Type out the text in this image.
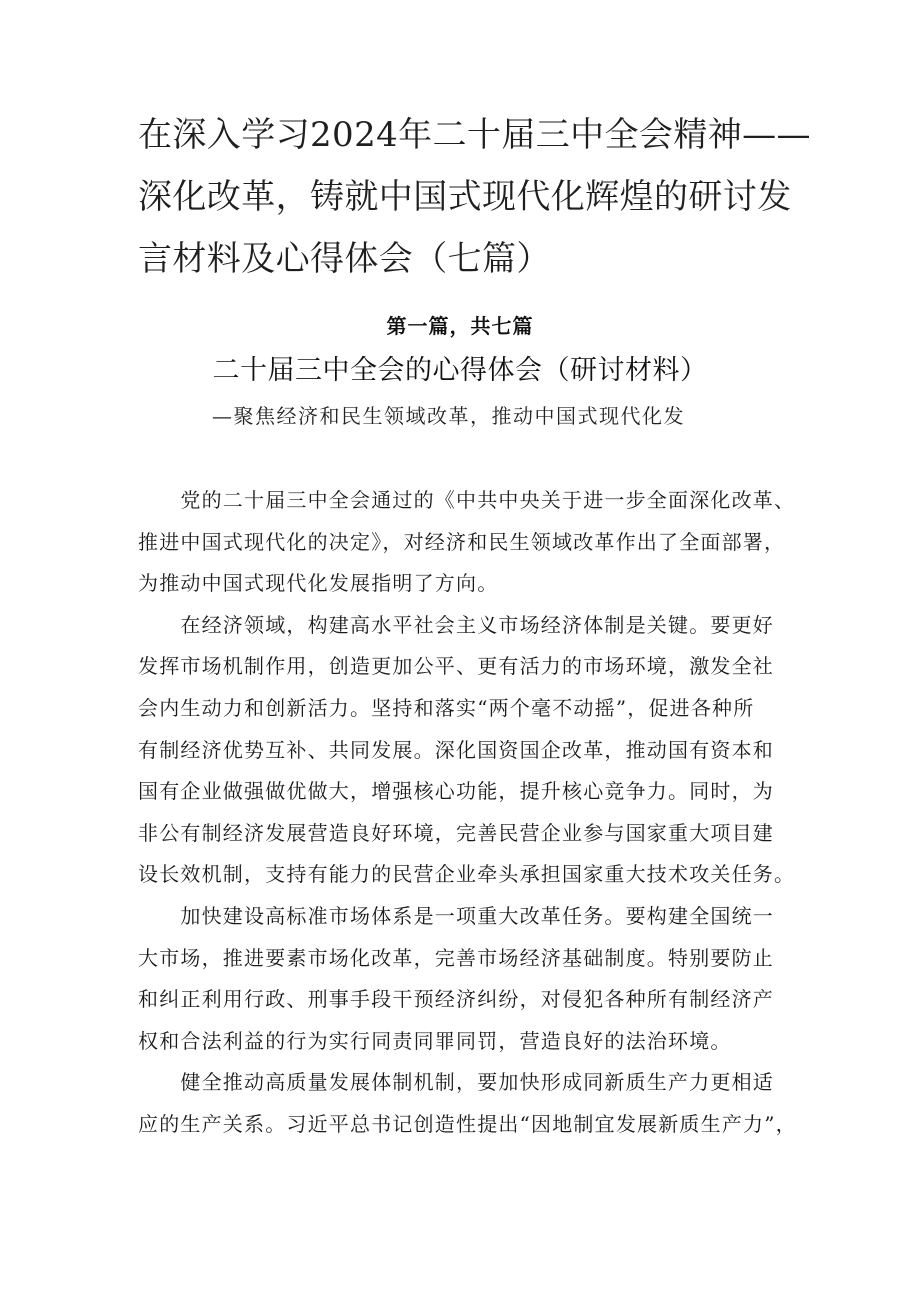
在深入学习2024年二十届三中全会精神——
深化改革，铸就中国式现代化辉煌的研讨发
言材料及心得体会（七篇）
第一篇，共七篇
二十届三中全会的心得体会（研讨材料）
—聚焦经济和民生领域改革，推动中国式现代化发
　　党的二十届三中全会通过的《中共中央关于进一步全面深化改革、
推进中国式现代化的决定》，对经济和民生领域改革作出了全面部署，
为推动中国式现代化发展指明了方向。
　　在经济领域，构建高水平社会主义市场经济体制是关键。要更好
发挥市场机制作用，创造更加公平、更有活力的市场环境，激发全社
会内生动力和创新活力。坚持和落实“两个毫不动摇”，促进各种所
有制经济优势互补、共同发展。深化国资国企改革，推动国有资本和
国有企业做强做优做大，增强核心功能，提升核心竞争力。同时，为
非公有制经济发展营造良好环境，完善民营企业参与国家重大项目建
设长效机制，支持有能力的民营企业牵头承担国家重大技术攻关任务。
　　加快建设高标准市场体系是一项重大改革任务。要构建全国统一
大市场，推进要素市场化改革，完善市场经济基础制度。特别要防止
和纠正利用行政、刑事手段干预经济纠纷，对侵犯各种所有制经济产
权和合法利益的行为实行同责同罪同罚，营造良好的法治环境。
　　健全推动高质量发展体制机制，要加快形成同新质生产力更相适
应的生产关系。习近平总书记创造性提出“因地制宜发展新质生产力”，
